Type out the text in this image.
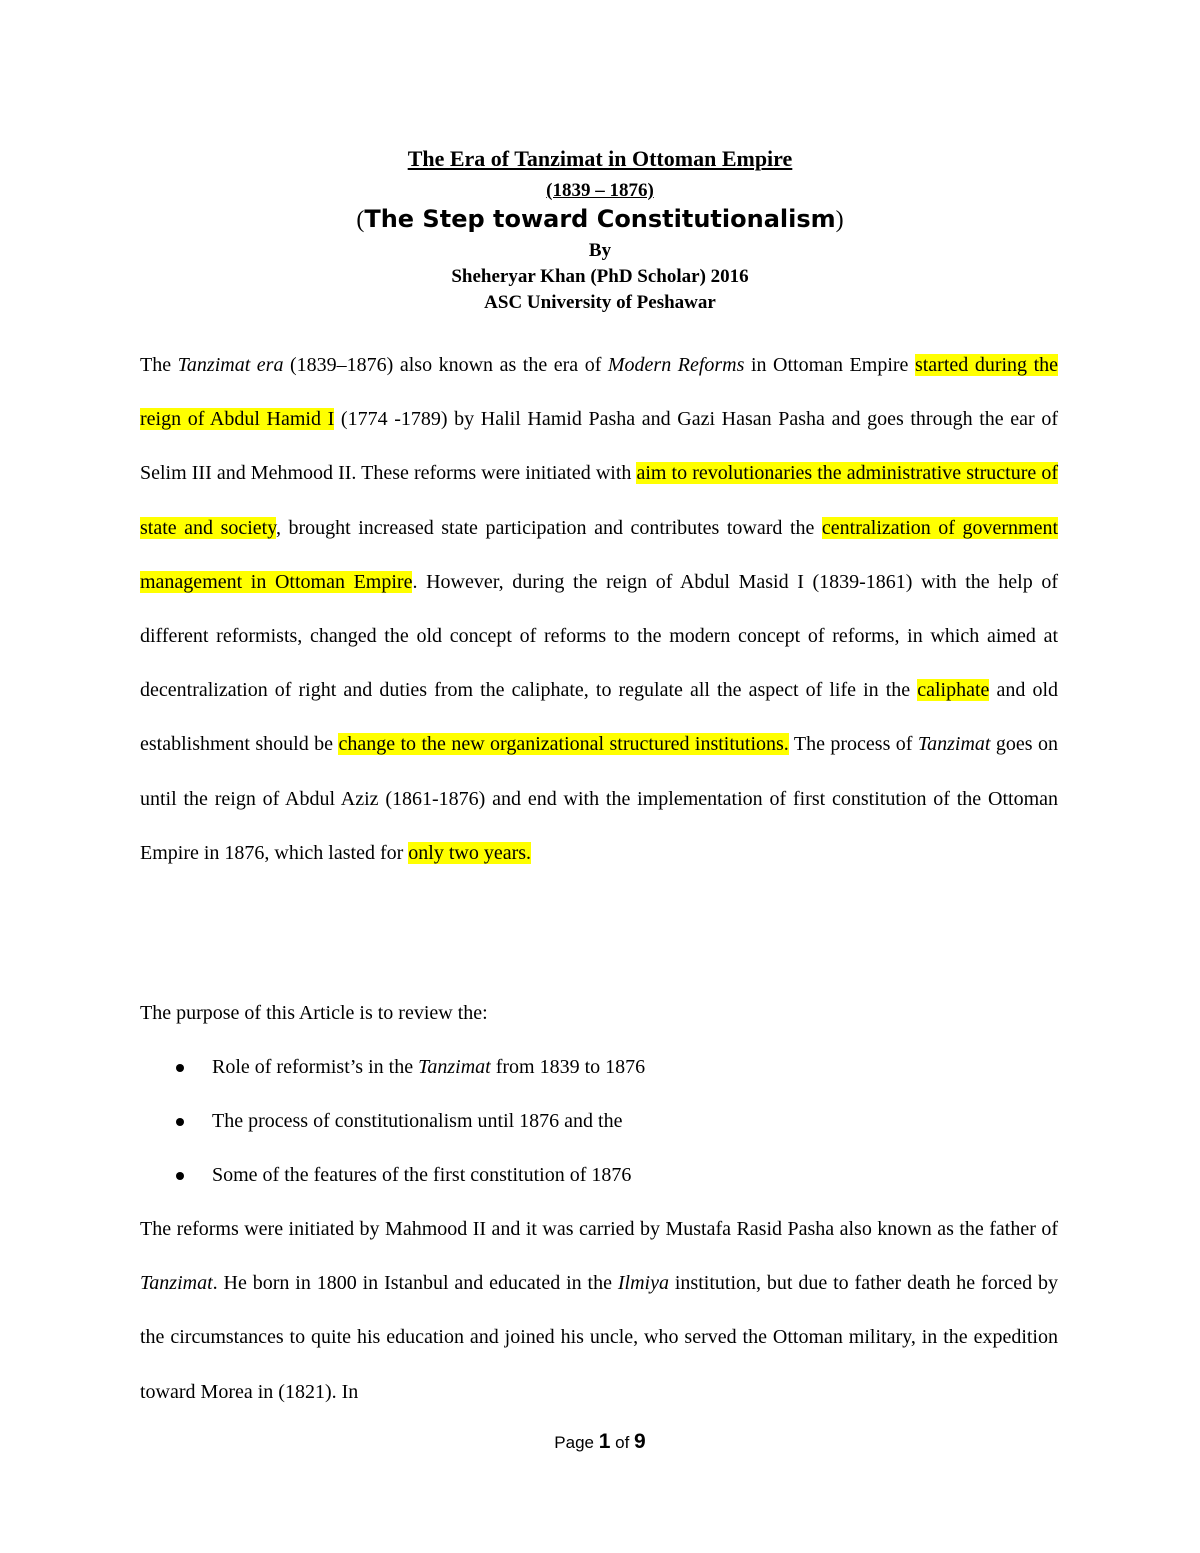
The Era of Tanzimat in Ottoman Empire
(1839 – 1876)
(The Step toward Constitutionalism)
By
Sheheryar Khan (PhD Scholar) 2016
ASC University of Peshawar

The Tanzimat era (1839–1876) also known as the era of Modern Reforms in Ottoman Empire started during the reign of Abdul Hamid I (1774 -1789) by Halil Hamid Pasha and Gazi Hasan Pasha and goes through the ear of Selim III and Mehmood II. These reforms were initiated with aim to revolutionaries the administrative structure of state and society, brought increased state participation and contributes toward the centralization of government management in Ottoman Empire. However, during the reign of Abdul Masid I (1839-1861) with the help of different reformists, changed the old concept of reforms to the modern concept of reforms, in which aimed at decentralization of right and duties from the caliphate, to regulate all the aspect of life in the caliphate and old establishment should be change to the new organizational structured institutions. The process of Tanzimat goes on until the reign of Abdul Aziz (1861-1876) and end with the implementation of first constitution of the Ottoman Empire in 1876, which lasted for only two years.

The purpose of this Article is to review the:

Role of reformist’s in the Tanzimat from 1839 to 1876
The process of constitutionalism until 1876 and the
Some of the features of the first constitution of 1876

The reforms were initiated by Mahmood II and it was carried by Mustafa Rasid Pasha also known as the father of Tanzimat. He born in 1800 in Istanbul and educated in the Ilmiya institution, but due to father death he forced by the circumstances to quite his education and joined his uncle, who served the Ottoman military, in the expedition toward Morea in (1821). In

Page 1 of 9
